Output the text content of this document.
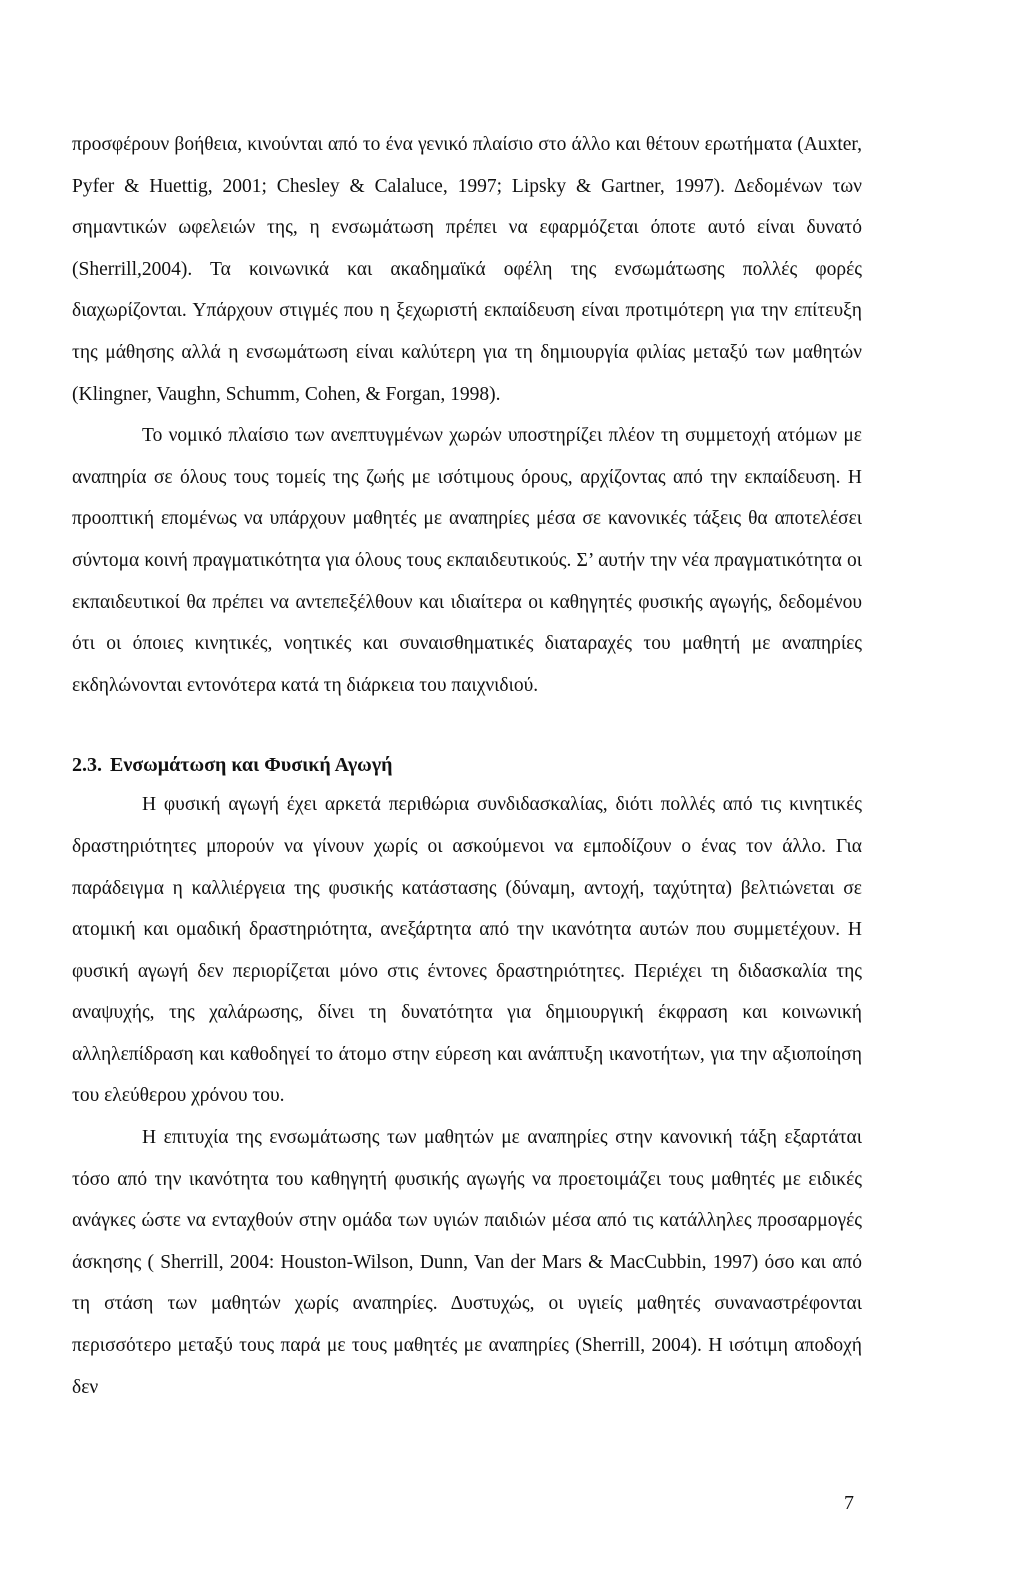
προσφέρουν βοήθεια, κινούνται από το ένα γενικό πλαίσιο στο άλλο και θέτουν ερωτήματα (Auxter, Pyfer & Huettig, 2001; Chesley & Calaluce, 1997; Lipsky & Gartner, 1997). Δεδομένων των σημαντικών ωφελειών της, η ενσωμάτωση πρέπει να εφαρμόζεται όποτε αυτό είναι δυνατό (Sherrill,2004). Τα κοινωνικά και ακαδημαϊκά οφέλη της ενσωμάτωσης πολλές φορές διαχωρίζονται. Υπάρχουν στιγμές που η ξεχωριστή εκπαίδευση είναι προτιμότερη για την επίτευξη της μάθησης αλλά η ενσωμάτωση είναι καλύτερη για τη δημιουργία φιλίας μεταξύ των μαθητών (Klingner, Vaughn, Schumm, Cohen, & Forgan, 1998).

Το νομικό πλαίσιο των ανεπτυγμένων χωρών υποστηρίζει πλέον τη συμμετοχή ατόμων με αναπηρία σε όλους τους τομείς της ζωής με ισότιμους όρους, αρχίζοντας από την εκπαίδευση. Η προοπτική επομένως να υπάρχουν μαθητές με αναπηρίες μέσα σε κανονικές τάξεις θα αποτελέσει σύντομα κοινή πραγματικότητα για όλους τους εκπαιδευτικούς. Σ’ αυτήν την νέα πραγματικότητα οι εκπαιδευτικοί θα πρέπει να αντεπεξέλθουν και ιδιαίτερα οι καθηγητές φυσικής αγωγής, δεδομένου ότι οι όποιες κινητικές, νοητικές και συναισθηματικές διαταραχές του μαθητή με αναπηρίες εκδηλώνονται εντονότερα κατά τη διάρκεια του παιχνιδιού.

2.3. Ενσωμάτωση και Φυσική Αγωγή

Η φυσική αγωγή έχει αρκετά περιθώρια συνδιδασκαλίας, διότι πολλές από τις κινητικές δραστηριότητες μπορούν να γίνουν χωρίς οι ασκούμενοι να εμποδίζουν ο ένας τον άλλο. Για παράδειγμα η καλλιέργεια της φυσικής κατάστασης (δύναμη, αντοχή, ταχύτητα) βελτιώνεται σε ατομική και ομαδική δραστηριότητα, ανεξάρτητα από την ικανότητα αυτών που συμμετέχουν. Η φυσική αγωγή δεν περιορίζεται μόνο στις έντονες δραστηριότητες. Περιέχει τη διδασκαλία της αναψυχής, της χαλάρωσης, δίνει τη δυνατότητα για δημιουργική έκφραση και κοινωνική αλληλεπίδραση και καθοδηγεί το άτομο στην εύρεση και ανάπτυξη ικανοτήτων, για την αξιοποίηση του ελεύθερου χρόνου του.

Η επιτυχία της ενσωμάτωσης των μαθητών με αναπηρίες στην κανονική τάξη εξαρτάται τόσο από την ικανότητα του καθηγητή φυσικής αγωγής να προετοιμάζει τους μαθητές με ειδικές ανάγκες ώστε να ενταχθούν στην ομάδα των υγιών παιδιών μέσα από τις κατάλληλες προσαρμογές άσκησης ( Sherrill, 2004: Houston-Wilson, Dunn, Van der Mars & MacCubbin, 1997) όσο και από τη στάση των μαθητών χωρίς αναπηρίες. Δυστυχώς, οι υγιείς μαθητές συναναστρέφονται περισσότερο μεταξύ τους παρά με τους μαθητές με αναπηρίες (Sherrill, 2004). Η ισότιμη αποδοχή δεν

7
